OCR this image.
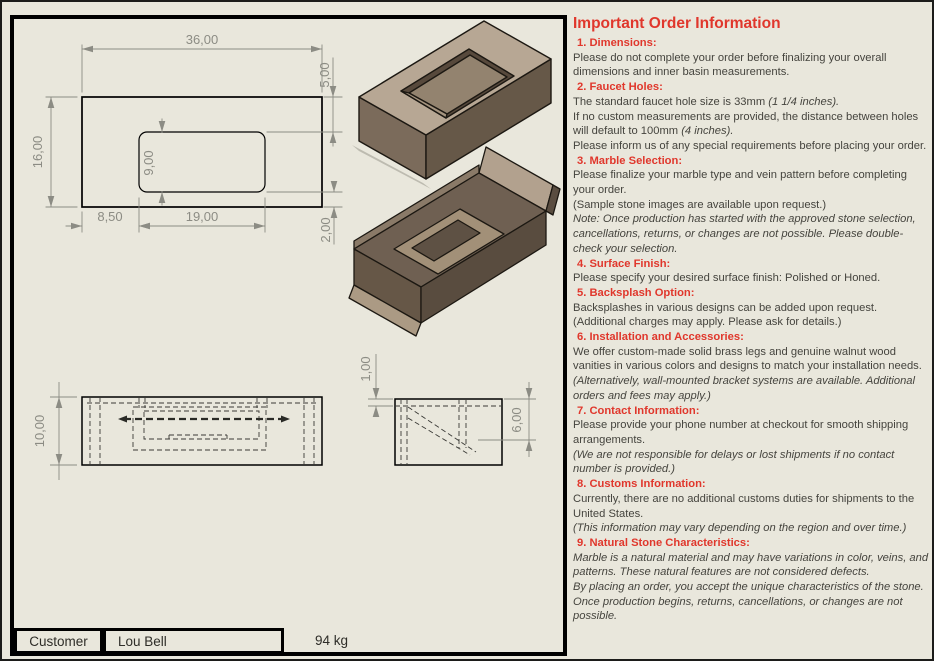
36,00
16,00	9,00
8,50	19,00
5,00
2,00
10,00
1,00
6,00
Customer Lou Bell	94 kg
Important Order Information
1. Dimensions:
Please do not complete your order before finalizing your overall dimensions and inner basin measurements.
2. Faucet Holes:
The standard faucet hole size is 33mm (1 1/4 inches).
If no custom measurements are provided, the distance between holes will default to 100mm (4 inches).
Please inform us of any special requirements before placing your order.
3. Marble Selection:
Please finalize your marble type and vein pattern before completing your order.
(Sample stone images are available upon request.)
Note: Once production has started with the approved stone selection, cancellations, returns, or changes are not possible. Please double-check your selection.
4. Surface Finish:
Please specify your desired surface finish: Polished or Honed.
5. Backsplash Option:
Backsplashes in various designs can be added upon request.
(Additional charges may apply. Please ask for details.)
6. Installation and Accessories:
We offer custom-made solid brass legs and genuine walnut wood vanities in various colors and designs to match your installation needs.
(Alternatively, wall-mounted bracket systems are available. Additional orders and fees may apply.)
7. Contact Information:
Please provide your phone number at checkout for smooth shipping arrangements.
(We are not responsible for delays or lost shipments if no contact number is provided.)
8. Customs Information:
Currently, there are no additional customs duties for shipments to the United States.
(This information may vary depending on the region and over time.)
9. Natural Stone Characteristics:
Marble is a natural material and may have variations in color, veins, and patterns. These natural features are not considered defects.
By placing an order, you accept the unique characteristics of the stone. Once production begins, returns, cancellations, or changes are not possible.
